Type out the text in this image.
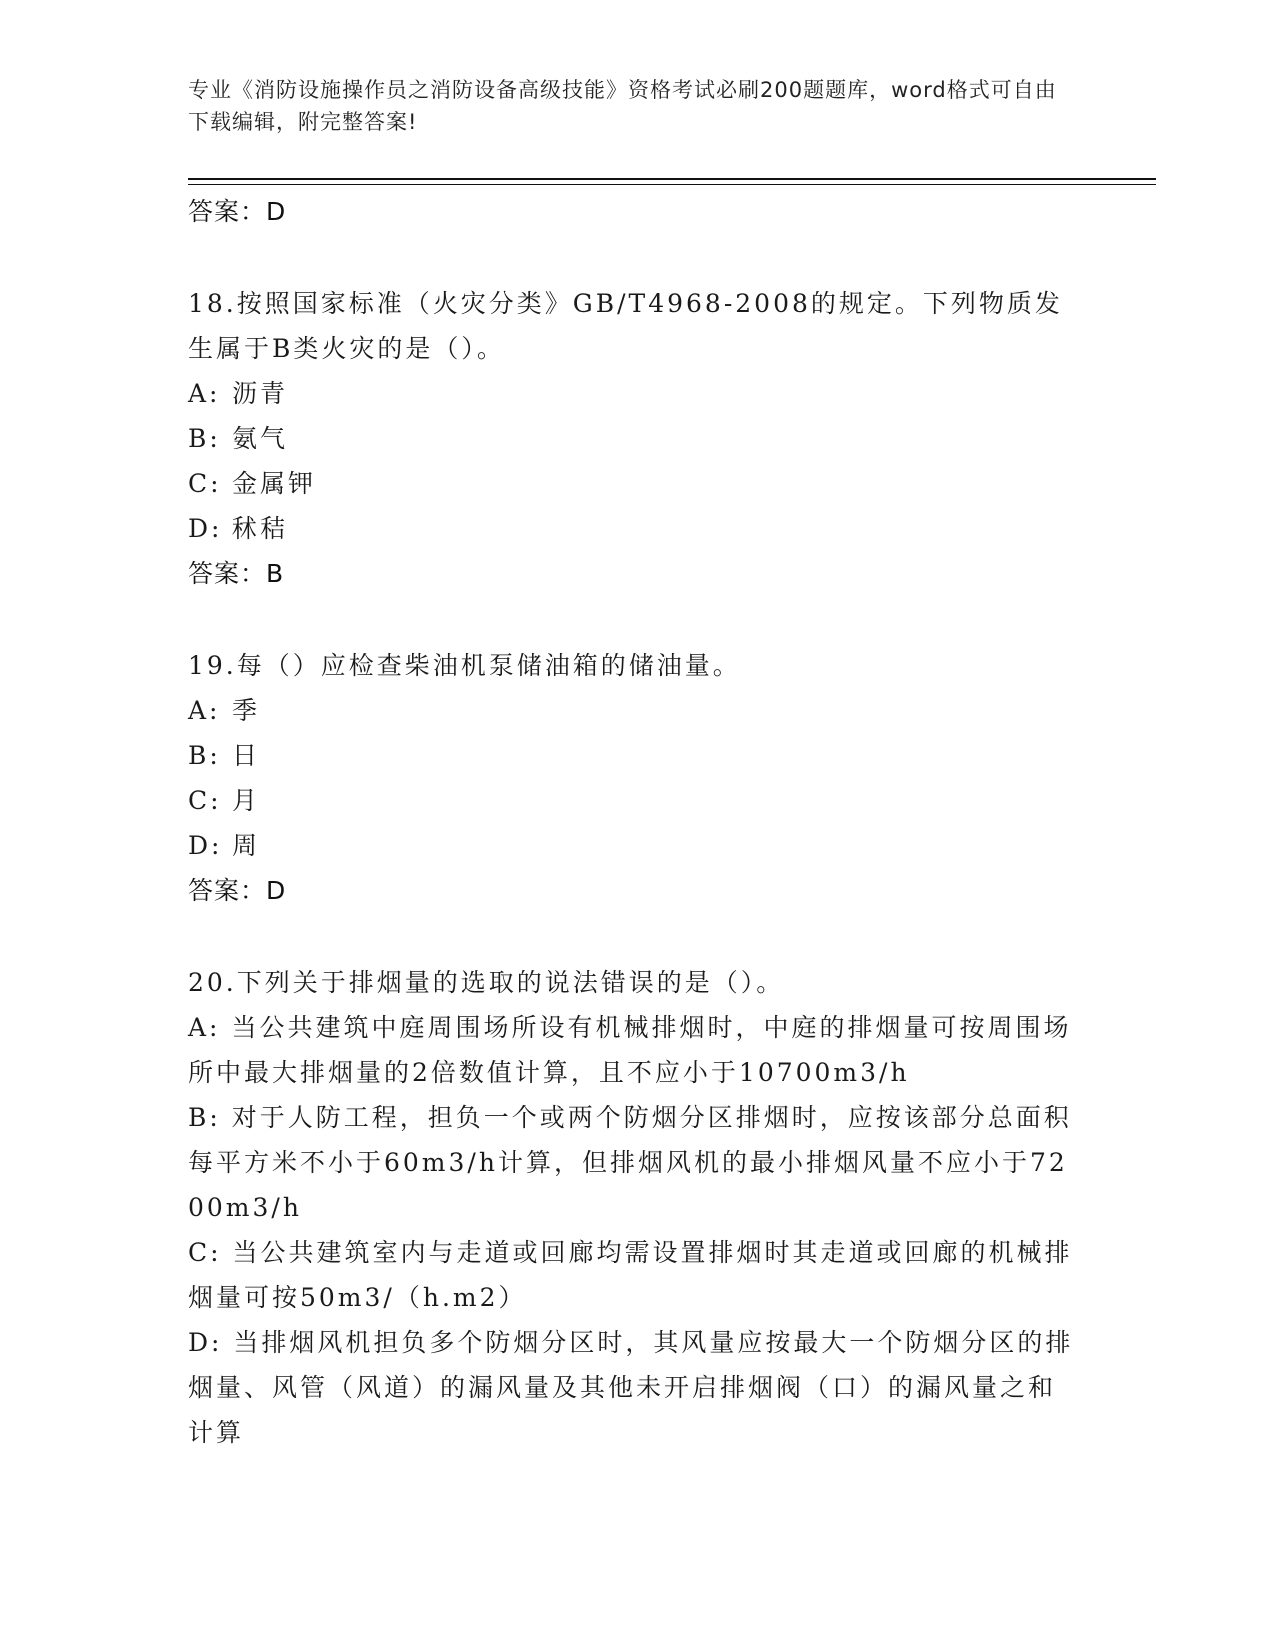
专业《消防设施操作员之消防设备高级技能》资格考试必刷200题题库，word格式可自由下载编辑，附完整答案!
答案：D
18.按照国家标准（火灾分类》GB/T4968-2008的规定。下列物质发生属于B类火灾的是（）。
A: 沥青
B: 氨气
C: 金属钾
D: 秫秸
答案：B
19.每（）应检查柴油机泵储油箱的储油量。
A: 季
B: 日
C: 月
D: 周
答案：D
20.下列关于排烟量的选取的说法错误的是（）。
A: 当公共建筑中庭周围场所设有机械排烟时，中庭的排烟量可按周围场所中最大排烟量的2倍数值计算，且不应小于10700m3/h
B: 对于人防工程，担负一个或两个防烟分区排烟时，应按该部分总面积每平方米不小于60m3/h计算，但排烟风机的最小排烟风量不应小于7200m3/h
C: 当公共建筑室内与走道或回廊均需设置排烟时其走道或回廊的机械排烟量可按50m3/（h.m2）
D: 当排烟风机担负多个防烟分区时，其风量应按最大一个防烟分区的排烟量、风管（风道）的漏风量及其他未开启排烟阀（口）的漏风量之和计算
